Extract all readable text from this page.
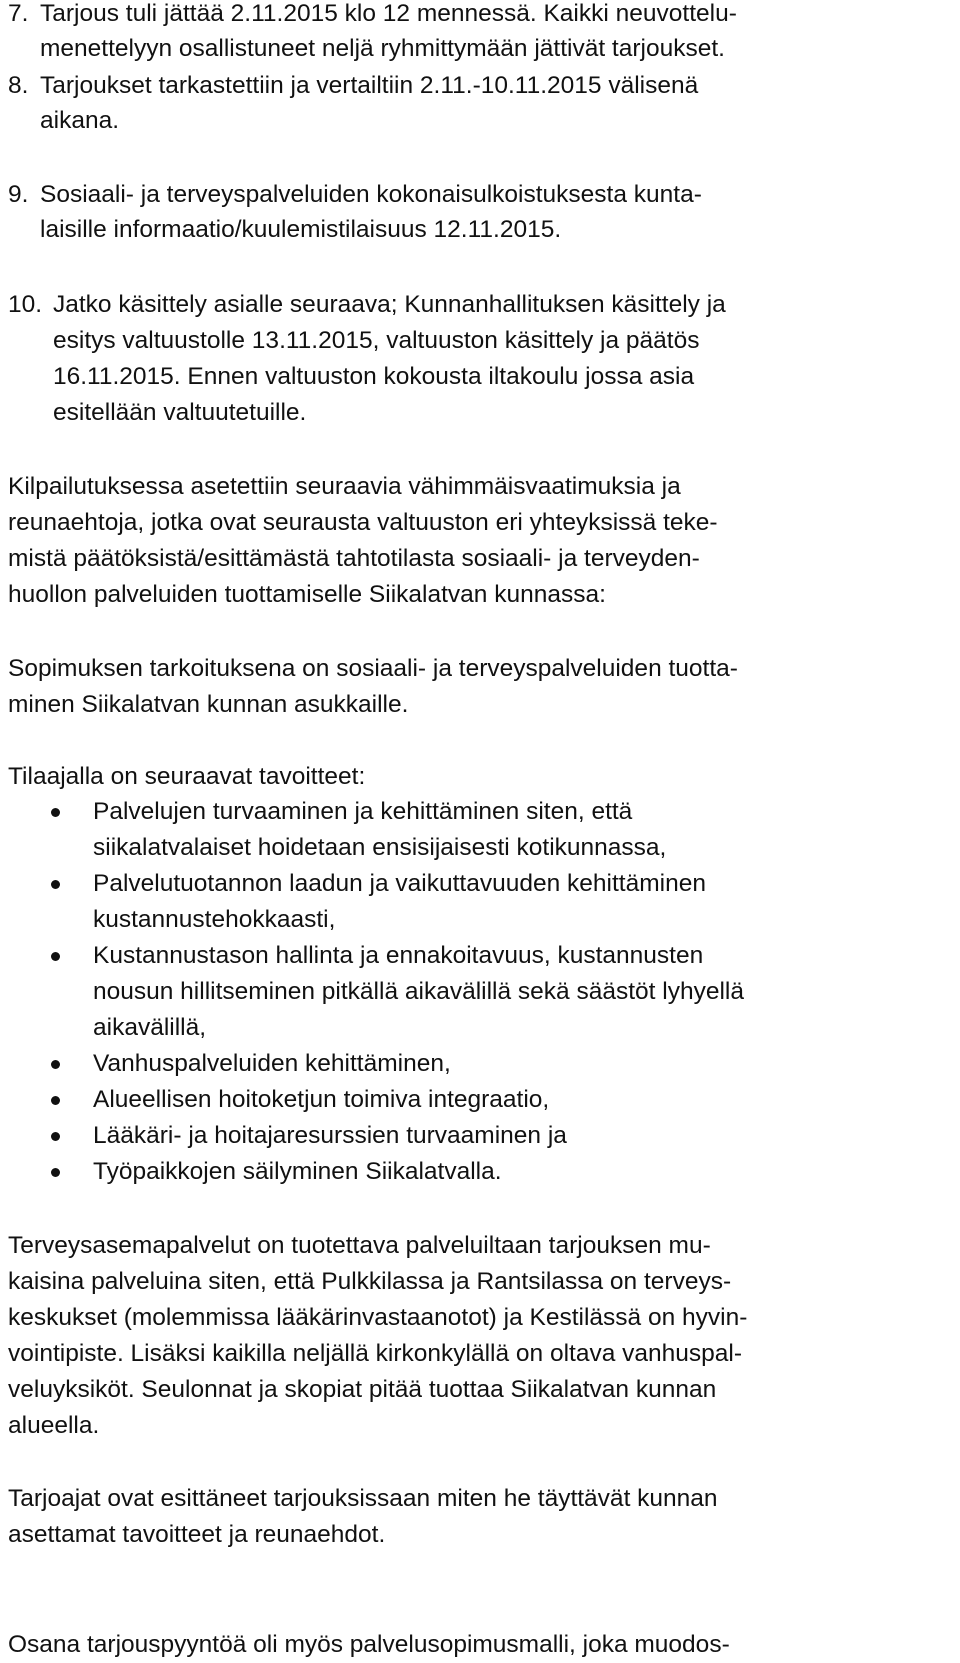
7. Tarjous tuli jättää 2.11.2015 klo 12 mennessä. Kaikki neuvottelu-
menettelyyn osallistuneet neljä ryhmittymään jättivät tarjoukset.
8. Tarjoukset tarkastettiin ja vertailtiin 2.11.-10.11.2015 välisenä
aikana.
9. Sosiaali- ja terveyspalveluiden kokonaisulkoistuksesta kunta-
laisille informaatio/kuulemistilaisuus 12.11.2015.
10. Jatko käsittely asialle seuraava; Kunnanhallituksen käsittely ja
esitys valtuustolle 13.11.2015, valtuuston käsittely ja päätös
16.11.2015. Ennen valtuuston kokousta iltakoulu jossa asia
esitellään valtuutetuille.
Kilpailutuksessa asetettiin seuraavia vähimmäisvaatimuksia ja
reunaehtoja, jotka ovat seurausta valtuuston eri yhteyksissä teke-
mistä päätöksistä/esittämästä tahtotilasta sosiaali- ja terveyden-
huollon palveluiden tuottamiselle Siikalatvan kunnassa:
Sopimuksen tarkoituksena on sosiaali- ja terveyspalveluiden tuotta-
minen Siikalatvan kunnan asukkaille.
Tilaajalla on seuraavat tavoitteet:
Palvelujen turvaaminen ja kehittäminen siten, että
siikalatvalaiset hoidetaan ensisijaisesti kotikunnassa,
Palvelutuotannon laadun ja vaikuttavuuden kehittäminen
kustannustehokkaasti,
Kustannustason hallinta ja ennakoitavuus, kustannusten
nousun hillitseminen pitkällä aikavälillä sekä säästöt lyhyellä
aikavälillä,
Vanhuspalveluiden kehittäminen,
Alueellisen hoitoketjun toimiva integraatio,
Lääkäri- ja hoitajaresurssien turvaaminen ja
Työpaikkojen säilyminen Siikalatvalla.
Terveysasemapalvelut on tuotettava palveluiltaan tarjouksen mu-
kaisina palveluina siten, että Pulkkilassa ja Rantsilassa on terveys-
keskukset (molemmissa lääkärinvastaanotot) ja Kestilässä on hyvin-
vointipiste. Lisäksi kaikilla neljällä kirkonkylällä on oltava vanhuspal-
veluyksiköt. Seulonnat ja skopiat pitää tuottaa Siikalatvan kunnan
alueella.
Tarjoajat ovat esittäneet tarjouksissaan miten he täyttävät kunnan
asettamat tavoitteet ja reunaehdot.
Osana tarjouspyyntöä oli myös palvelusopimusmalli, joka muodos-
